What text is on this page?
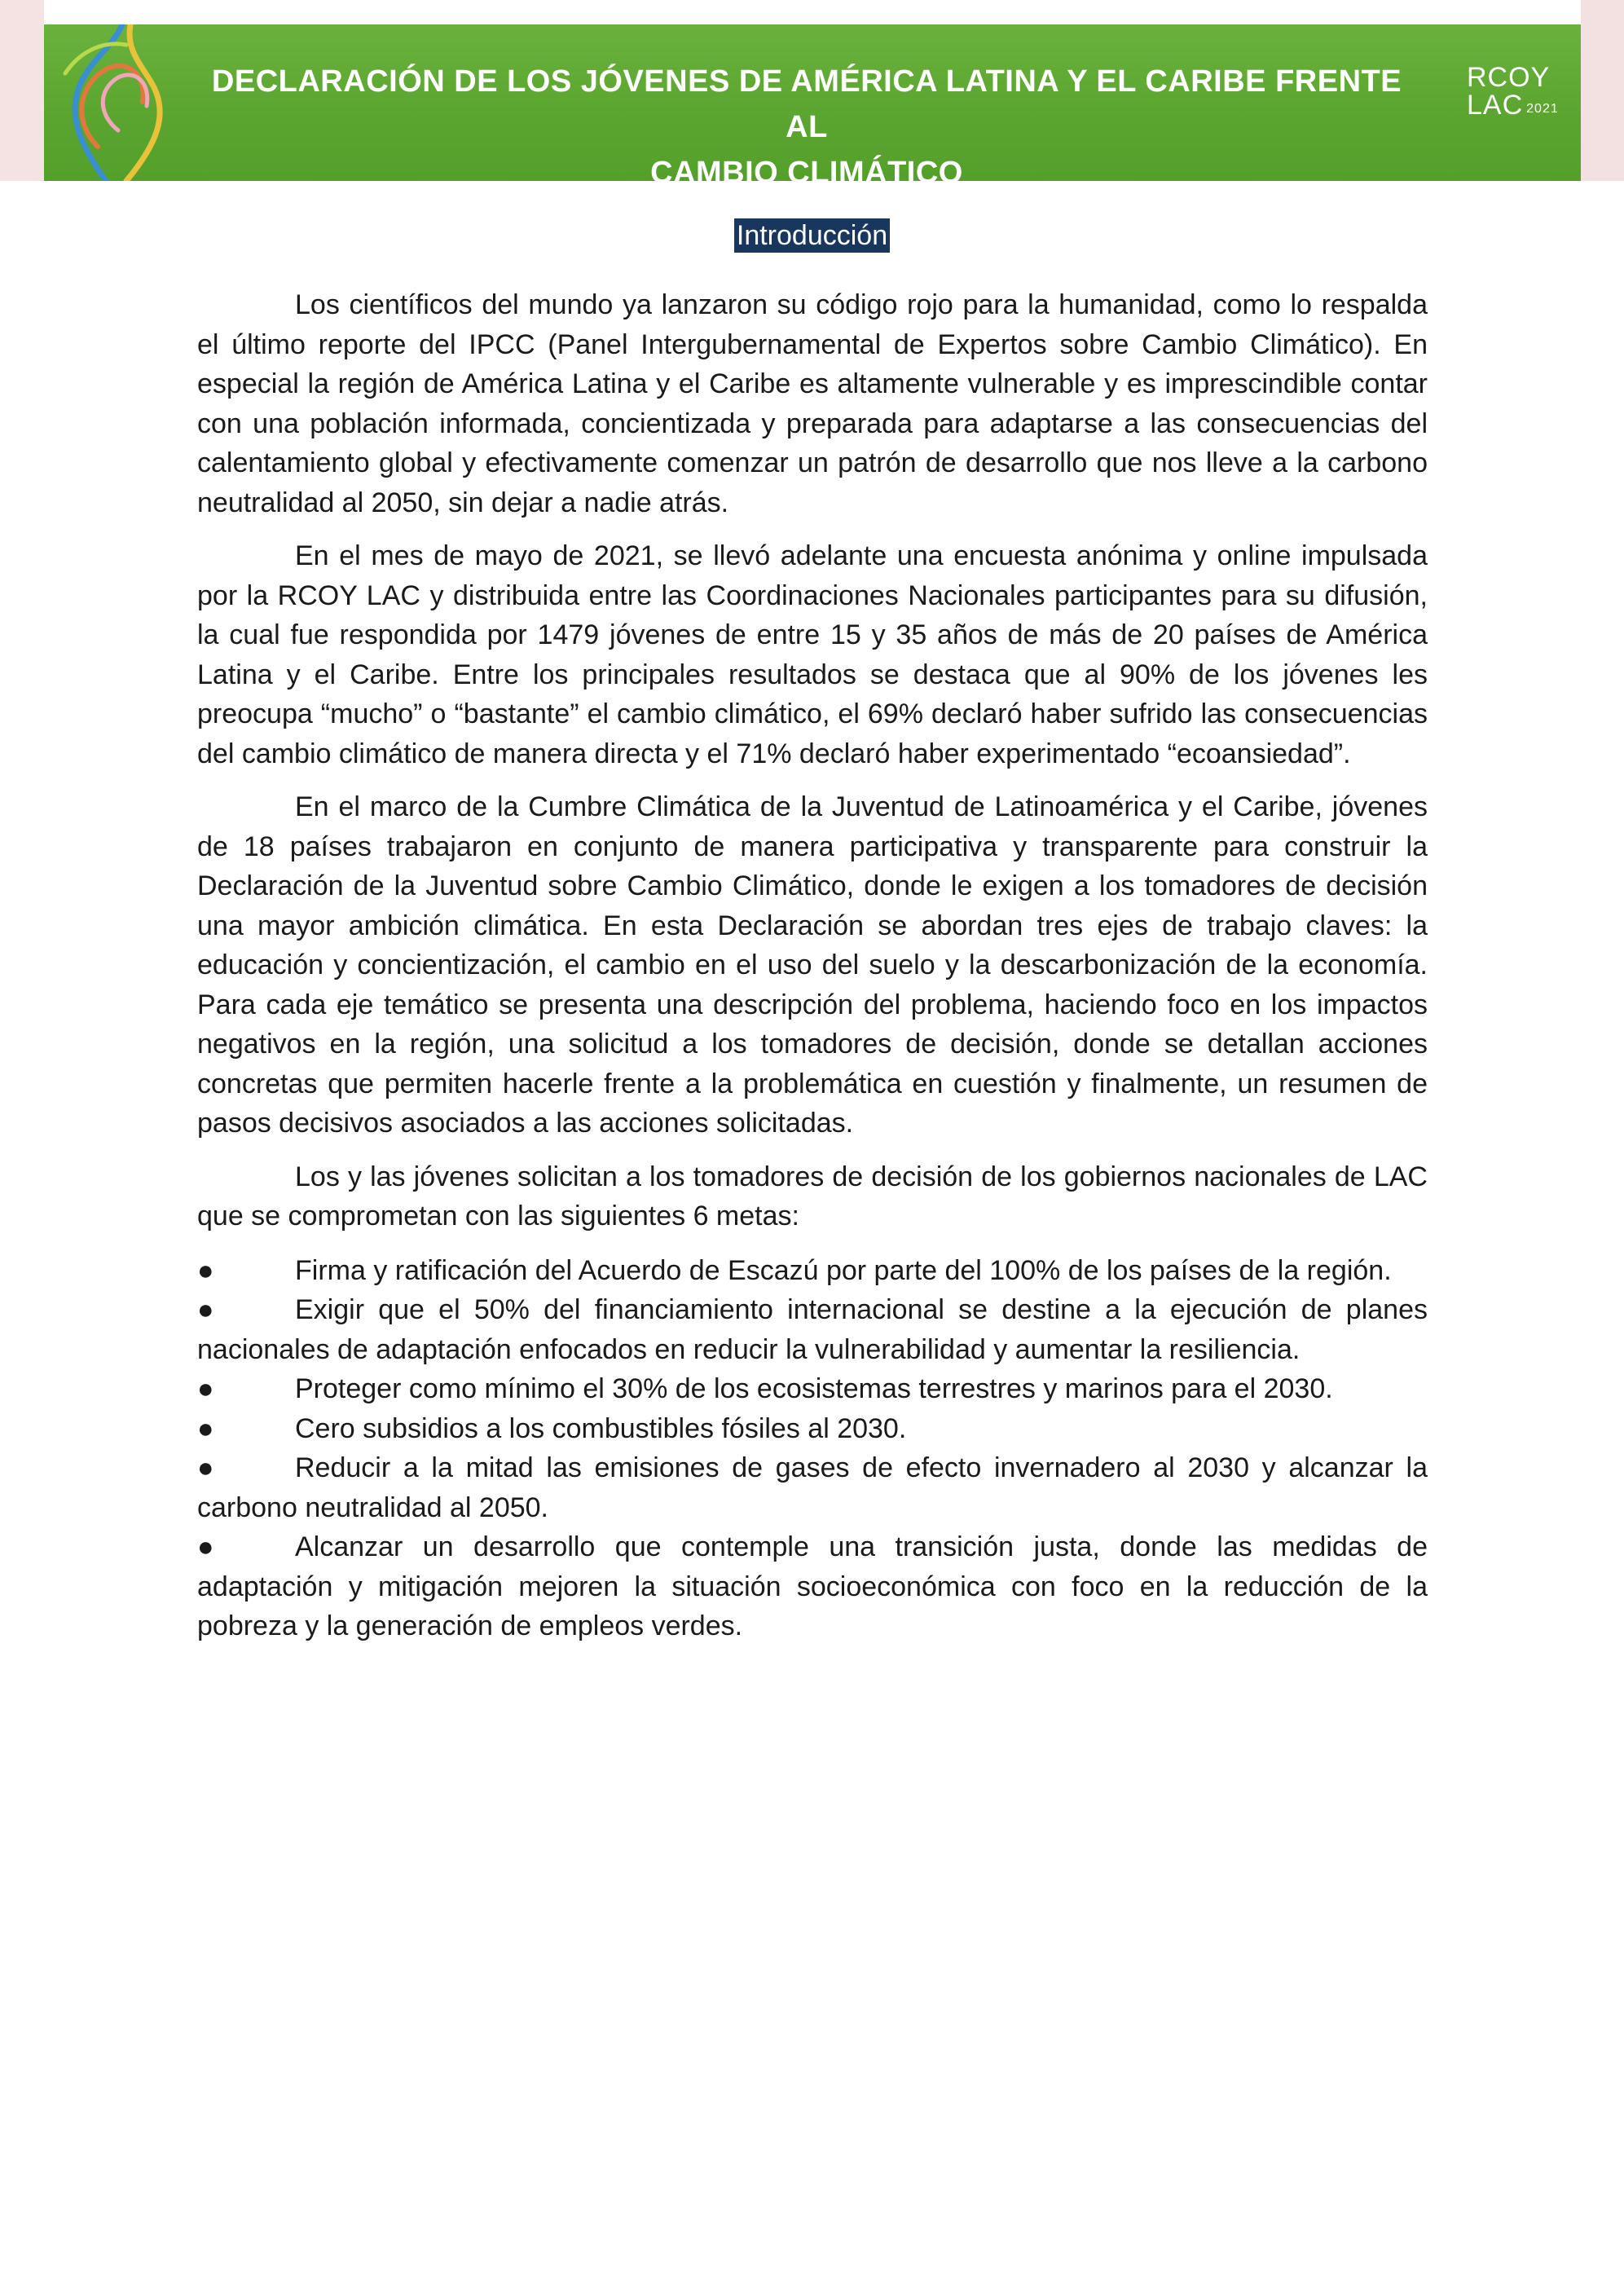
DECLARACIÓN DE LOS JÓVENES DE AMÉRICA LATINA Y EL CARIBE FRENTE AL
CAMBIO CLIMÁTICO
RCOY
LAC 2021
Introducción

Los científicos del mundo ya lanzaron su código rojo para la humanidad, como lo respalda el último reporte del IPCC (Panel Intergubernamental de Expertos sobre Cambio Climático). En especial la región de América Latina y el Caribe es altamente vulnerable y es imprescindible contar con una población informada, concientizada y preparada para adaptarse a las consecuencias del calentamiento global y efectivamente comenzar un patrón de desarrollo que nos lleve a la carbono neutralidad al 2050, sin dejar a nadie atrás.

En el mes de mayo de 2021, se llevó adelante una encuesta anónima y online impulsada por la RCOY LAC y distribuida entre las Coordinaciones Nacionales participantes para su difusión, la cual fue respondida por 1479 jóvenes de entre 15 y 35 años de más de 20 países de América Latina y el Caribe. Entre los principales resultados se destaca que al 90% de los jóvenes les preocupa “mucho” o “bastante” el cambio climático, el 69% declaró haber sufrido las consecuencias del cambio climático de manera directa y el 71% declaró haber experimentado “ecoansiedad”.

En el marco de la Cumbre Climática de la Juventud de Latinoamérica y el Caribe, jóvenes de 18 países trabajaron en conjunto de manera participativa y transparente para construir la Declaración de la Juventud sobre Cambio Climático, donde le exigen a los tomadores de decisión una mayor ambición climática. En esta Declaración se abordan tres ejes de trabajo claves: la educación y concientización, el cambio en el uso del suelo y la descarbonización de la economía. Para cada eje temático se presenta una descripción del problema, haciendo foco en los impactos negativos en la región, una solicitud a los tomadores de decisión, donde se detallan acciones concretas que permiten hacerle frente a la problemática en cuestión y finalmente, un resumen de pasos decisivos asociados a las acciones solicitadas.

Los y las jóvenes solicitan a los tomadores de decisión de los gobiernos nacionales de LAC que se comprometan con las siguientes 6 metas:

●	Firma y ratificación del Acuerdo de Escazú por parte del 100% de los países de la región.
●	Exigir que el 50% del financiamiento internacional se destine a la ejecución de planes nacionales de adaptación enfocados en reducir la vulnerabilidad y aumentar la resiliencia.
●	Proteger como mínimo el 30% de los ecosistemas terrestres y marinos para el 2030.
●	Cero subsidios a los combustibles fósiles al 2030.
●	Reducir a la mitad las emisiones de gases de efecto invernadero al 2030 y alcanzar la carbono neutralidad al 2050.
●	Alcanzar un desarrollo que contemple una transición justa, donde las medidas de adaptación y mitigación mejoren la situación socioeconómica con foco en la reducción de la pobreza y la generación de empleos verdes.
